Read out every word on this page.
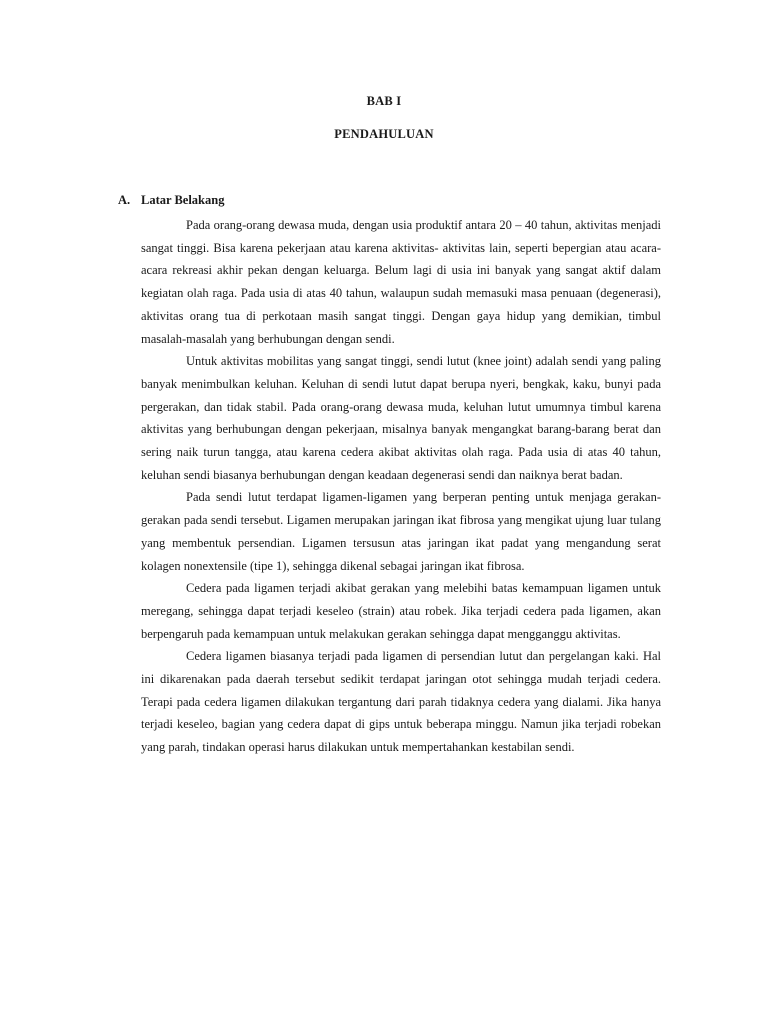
BAB I
PENDAHULUAN
A. Latar Belakang

Pada orang-orang dewasa muda, dengan usia produktif antara 20 – 40 tahun, aktivitas menjadi sangat tinggi. Bisa karena pekerjaan atau karena aktivitas- aktivitas lain, seperti bepergian atau acara-acara rekreasi akhir pekan dengan keluarga. Belum lagi di usia ini banyak yang sangat aktif dalam kegiatan olah raga. Pada usia di atas 40 tahun, walaupun sudah memasuki masa penuaan (degenerasi), aktivitas orang tua di perkotaan masih sangat tinggi. Dengan gaya hidup yang demikian, timbul masalah-masalah yang berhubungan dengan sendi.

Untuk aktivitas mobilitas yang sangat tinggi, sendi lutut (knee joint) adalah sendi yang paling banyak menimbulkan keluhan. Keluhan di sendi lutut dapat berupa nyeri, bengkak, kaku, bunyi pada pergerakan, dan tidak stabil. Pada orang-orang dewasa muda, keluhan lutut umumnya timbul karena aktivitas yang berhubungan dengan pekerjaan, misalnya banyak mengangkat barang-barang berat dan sering naik turun tangga, atau karena cedera akibat aktivitas olah raga. Pada usia di atas 40 tahun, keluhan sendi biasanya berhubungan dengan keadaan degenerasi sendi dan naiknya berat badan.

Pada sendi lutut terdapat ligamen-ligamen yang berperan penting untuk menjaga gerakan-gerakan pada sendi tersebut. Ligamen merupakan jaringan ikat fibrosa yang mengikat ujung luar tulang yang membentuk persendian. Ligamen tersusun atas jaringan ikat padat yang mengandung serat kolagen nonextensile (tipe 1), sehingga dikenal sebagai jaringan ikat fibrosa.

Cedera pada ligamen terjadi akibat gerakan yang melebihi batas kemampuan ligamen untuk meregang, sehingga dapat terjadi keseleo (strain) atau robek. Jika terjadi cedera pada ligamen, akan berpengaruh pada kemampuan untuk melakukan gerakan sehingga dapat mengganggu aktivitas.

Cedera ligamen biasanya terjadi pada ligamen di persendian lutut dan pergelangan kaki. Hal ini dikarenakan pada daerah tersebut sedikit terdapat jaringan otot sehingga mudah terjadi cedera. Terapi pada cedera ligamen dilakukan tergantung dari parah tidaknya cedera yang dialami. Jika hanya terjadi keseleo, bagian yang cedera dapat di gips untuk beberapa minggu. Namun jika terjadi robekan yang parah, tindakan operasi harus dilakukan untuk mempertahankan kestabilan sendi.
